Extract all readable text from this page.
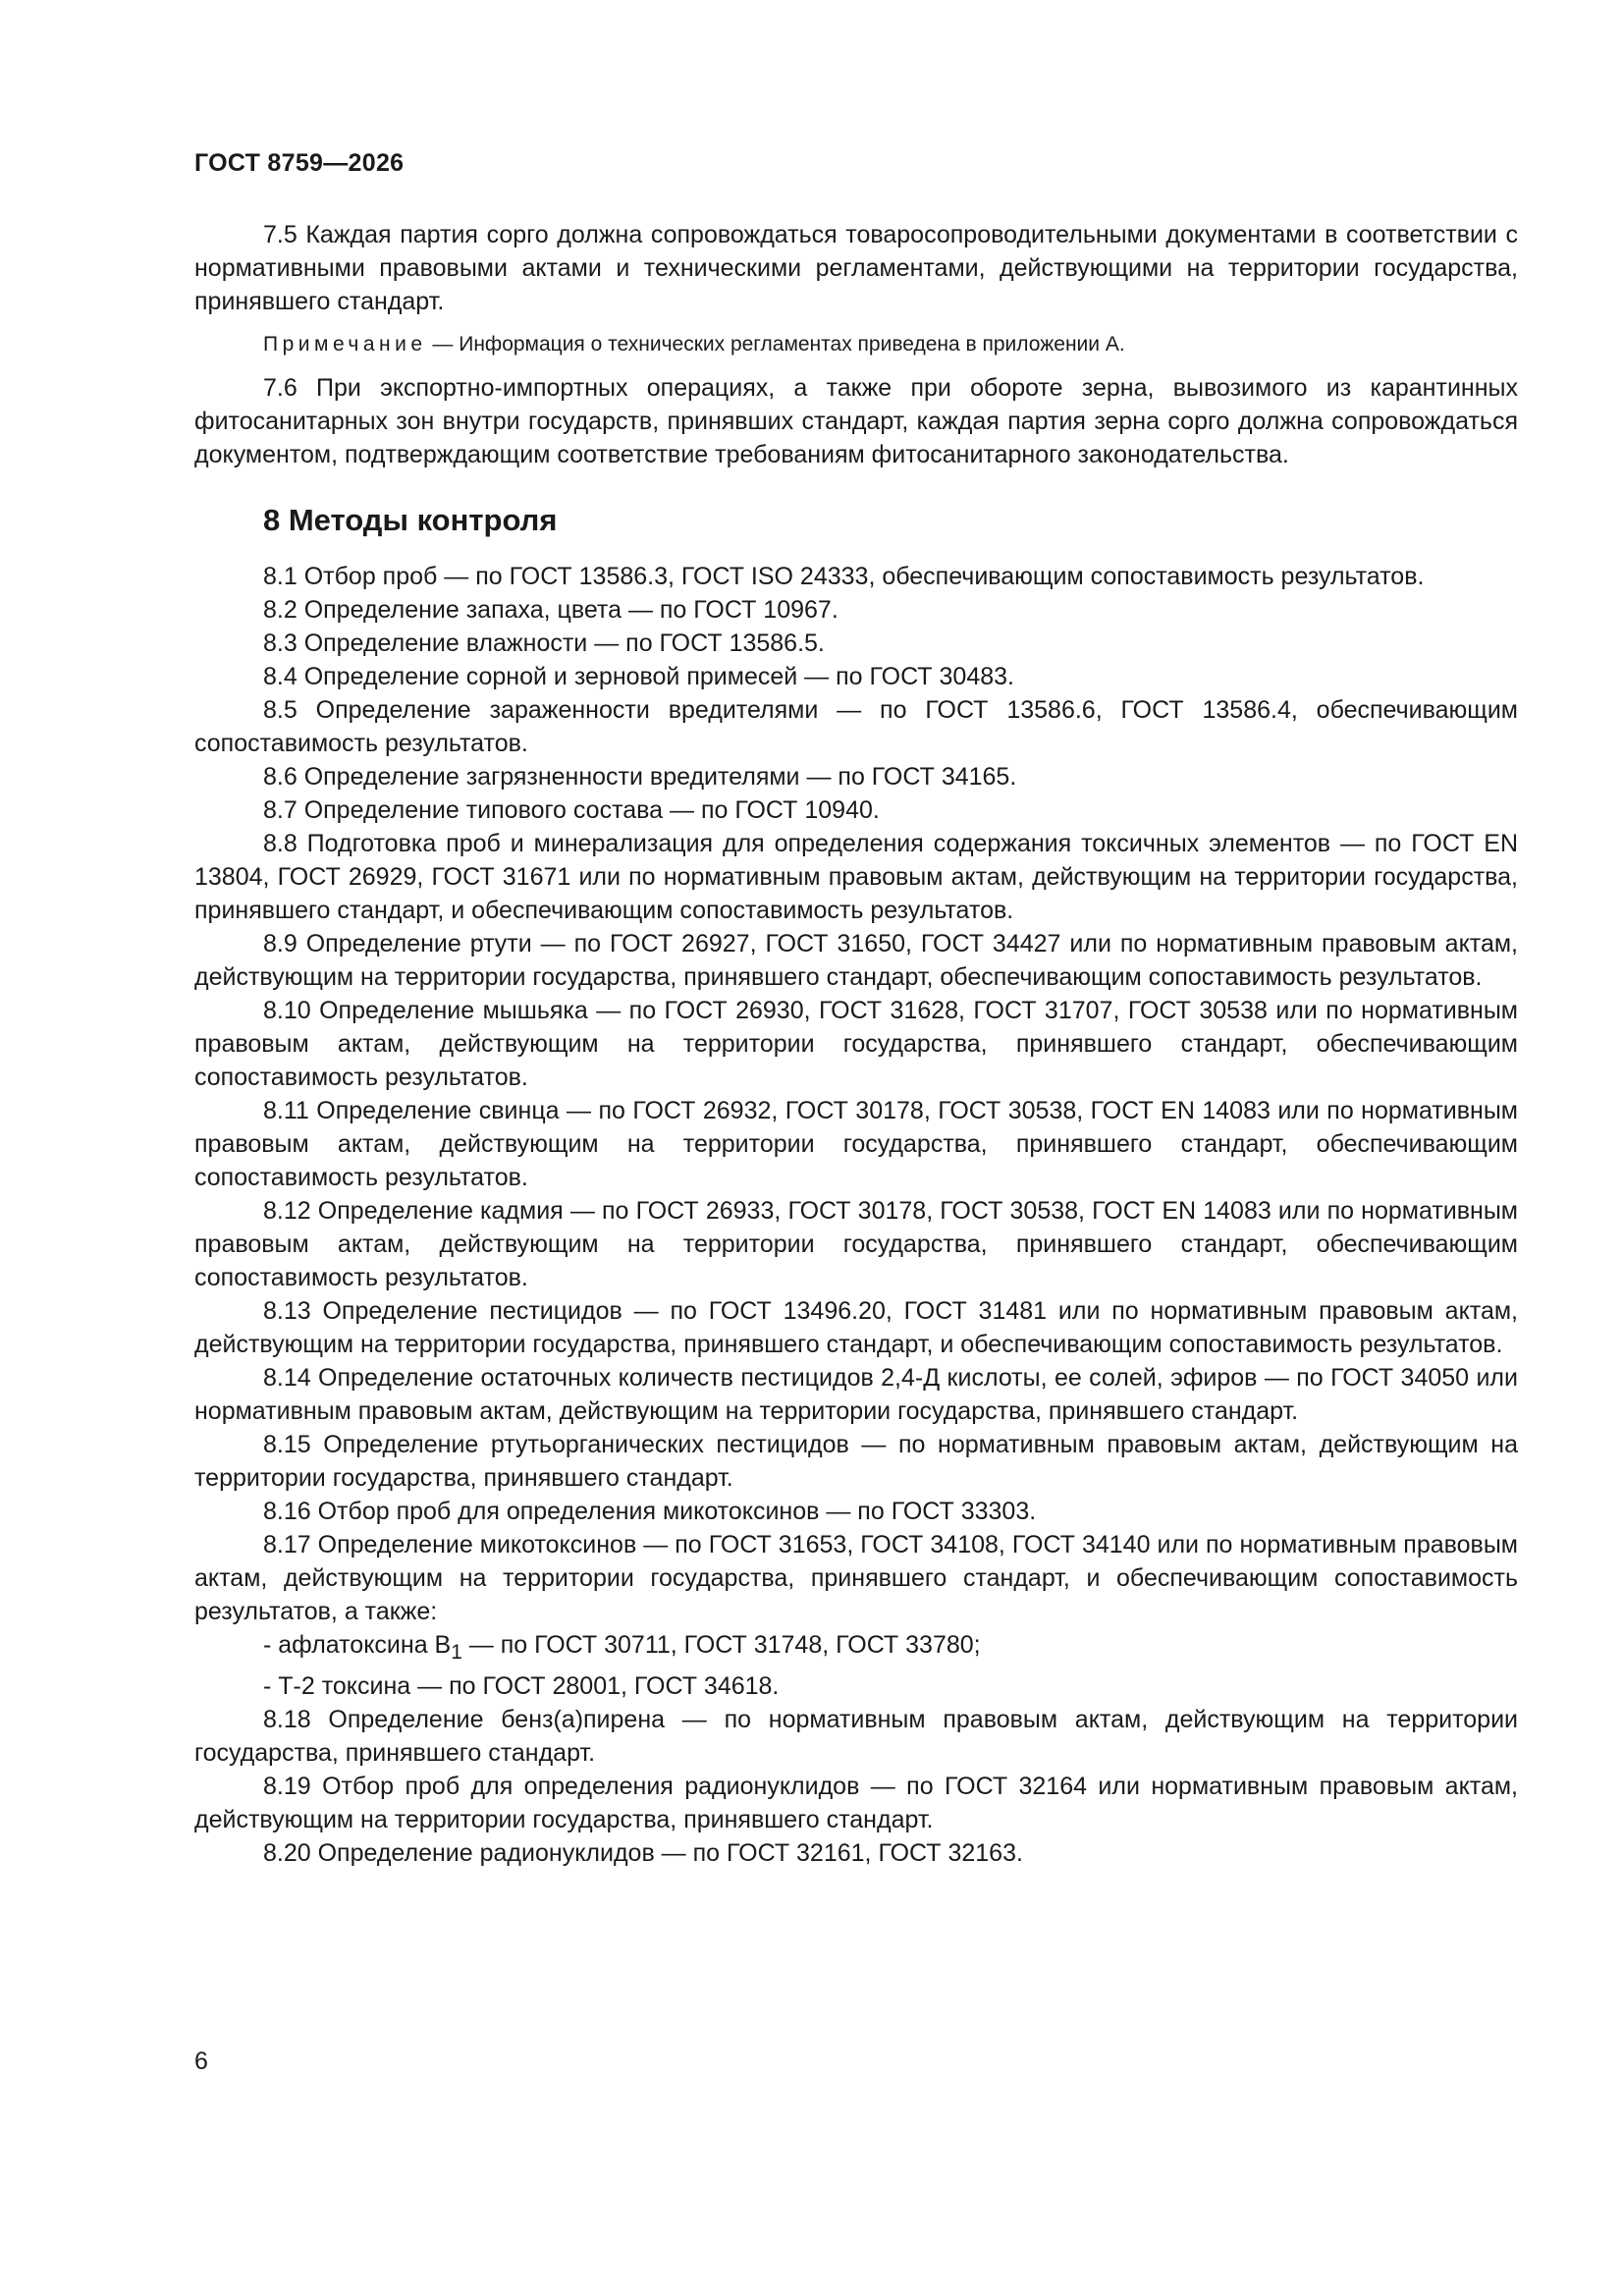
ГОСТ 8759—2026

7.5 Каждая партия сорго должна сопровождаться товаросопроводительными документами в соответствии с нормативными правовыми актами и техническими регламентами, действующими на территории государства, принявшего стандарт.

Примечание — Информация о технических регламентах приведена в приложении А.

7.6 При экспортно-импортных операциях, а также при обороте зерна, вывозимого из карантинных фитосанитарных зон внутри государств, принявших стандарт, каждая партия зерна сорго должна сопровождаться документом, подтверждающим соответствие требованиям фитосанитарного законодательства.

8 Методы контроля

8.1 Отбор проб — по ГОСТ 13586.3, ГОСТ ISO 24333, обеспечивающим сопоставимость результатов.

8.2 Определение запаха, цвета — по ГОСТ 10967.

8.3 Определение влажности — по ГОСТ 13586.5.

8.4 Определение сорной и зерновой примесей — по ГОСТ 30483.

8.5 Определение зараженности вредителями — по ГОСТ 13586.6, ГОСТ 13586.4, обеспечивающим сопоставимость результатов.

8.6 Определение загрязненности вредителями — по ГОСТ 34165.

8.7 Определение типового состава — по ГОСТ 10940.

8.8 Подготовка проб и минерализация для определения содержания токсичных элементов — по ГОСТ EN 13804, ГОСТ 26929, ГОСТ 31671 или по нормативным правовым актам, действующим на территории государства, принявшего стандарт, и обеспечивающим сопоставимость результатов.

8.9 Определение ртути — по ГОСТ 26927, ГОСТ 31650, ГОСТ 34427 или по нормативным правовым актам, действующим на территории государства, принявшего стандарт, обеспечивающим сопоставимость результатов.

8.10 Определение мышьяка — по ГОСТ 26930, ГОСТ 31628, ГОСТ 31707, ГОСТ 30538 или по нормативным правовым актам, действующим на территории государства, принявшего стандарт, обеспечивающим сопоставимость результатов.

8.11 Определение свинца — по ГОСТ 26932, ГОСТ 30178, ГОСТ 30538, ГОСТ EN 14083 или по нормативным правовым актам, действующим на территории государства, принявшего стандарт, обеспечивающим сопоставимость результатов.

8.12 Определение кадмия — по ГОСТ 26933, ГОСТ 30178, ГОСТ 30538, ГОСТ EN 14083 или по нормативным правовым актам, действующим на территории государства, принявшего стандарт, обеспечивающим сопоставимость результатов.

8.13 Определение пестицидов — по ГОСТ 13496.20, ГОСТ 31481 или по нормативным правовым актам, действующим на территории государства, принявшего стандарт, и обеспечивающим сопоставимость результатов.

8.14 Определение остаточных количеств пестицидов 2,4-Д кислоты, ее солей, эфиров — по ГОСТ 34050 или нормативным правовым актам, действующим на территории государства, принявшего стандарт.

8.15 Определение ртутьорганических пестицидов — по нормативным правовым актам, действующим на территории государства, принявшего стандарт.

8.16 Отбор проб для определения микотоксинов — по ГОСТ 33303.

8.17 Определение микотоксинов — по ГОСТ 31653, ГОСТ 34108, ГОСТ 34140 или по нормативным правовым актам, действующим на территории государства, принявшего стандарт, и обеспечивающим сопоставимость результатов, а также:

- афлатоксина $B_1$ — по ГОСТ 30711, ГОСТ 31748, ГОСТ 33780;

- Т-2 токсина — по ГОСТ 28001, ГОСТ 34618.

8.18 Определение бенз(а)пирена — по нормативным правовым актам, действующим на территории государства, принявшего стандарт.

8.19 Отбор проб для определения радионуклидов — по ГОСТ 32164 или нормативным правовым актам, действующим на территории государства, принявшего стандарт.

8.20 Определение радионуклидов — по ГОСТ 32161, ГОСТ 32163.

6
